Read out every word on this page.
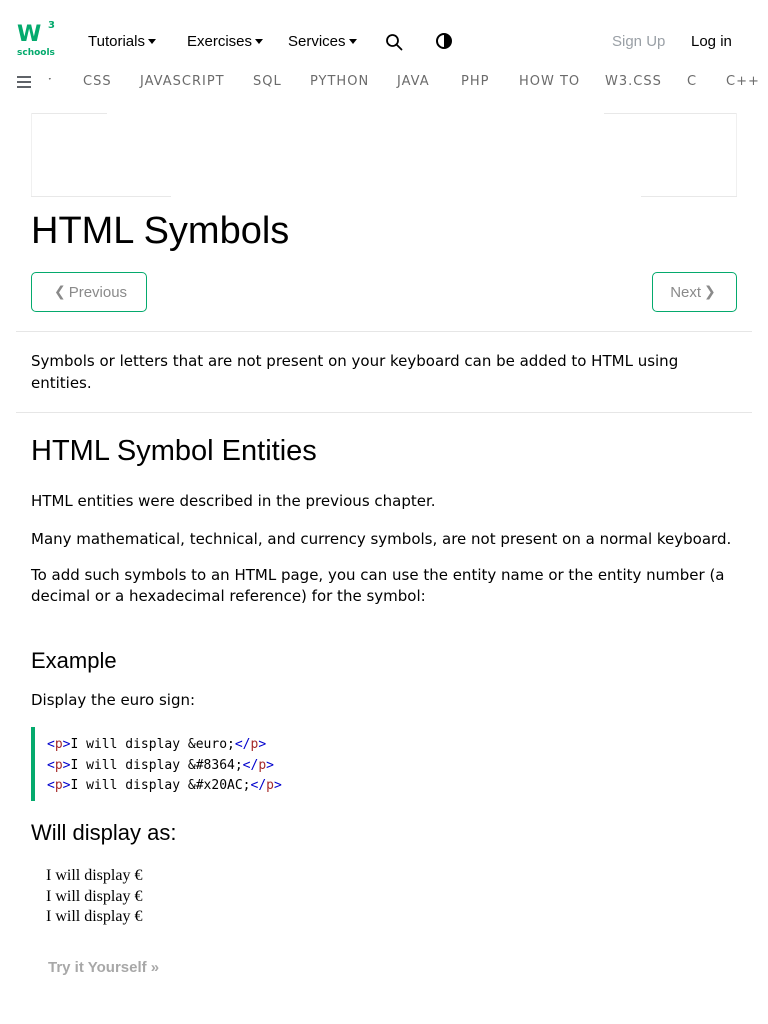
W 3
schools
Tutorials	Exercises Services	Sign Up Log in
ˑ CSS JAVASCRIPT SQL PYTHON JAVA PHP HOW TO W3.CSS C C++
HTML Symbols
❮ Previous	Next ❯

Symbols or letters that are not present on your keyboard can be added to HTML using entities.

HTML Symbol Entities

HTML entities were described in the previous chapter.

Many mathematical, technical, and currency symbols, are not present on a normal keyboard.

To add such symbols to an HTML page, you can use the entity name or the entity number (a decimal or a hexadecimal reference) for the symbol:

Example

Display the euro sign:

<p>I will display &euro;</p>
<p>I will display &#8364;</p>
<p>I will display &#x20AC;</p>
Will display as:
I will display €
I will display €
I will display €
Try it Yourself »
